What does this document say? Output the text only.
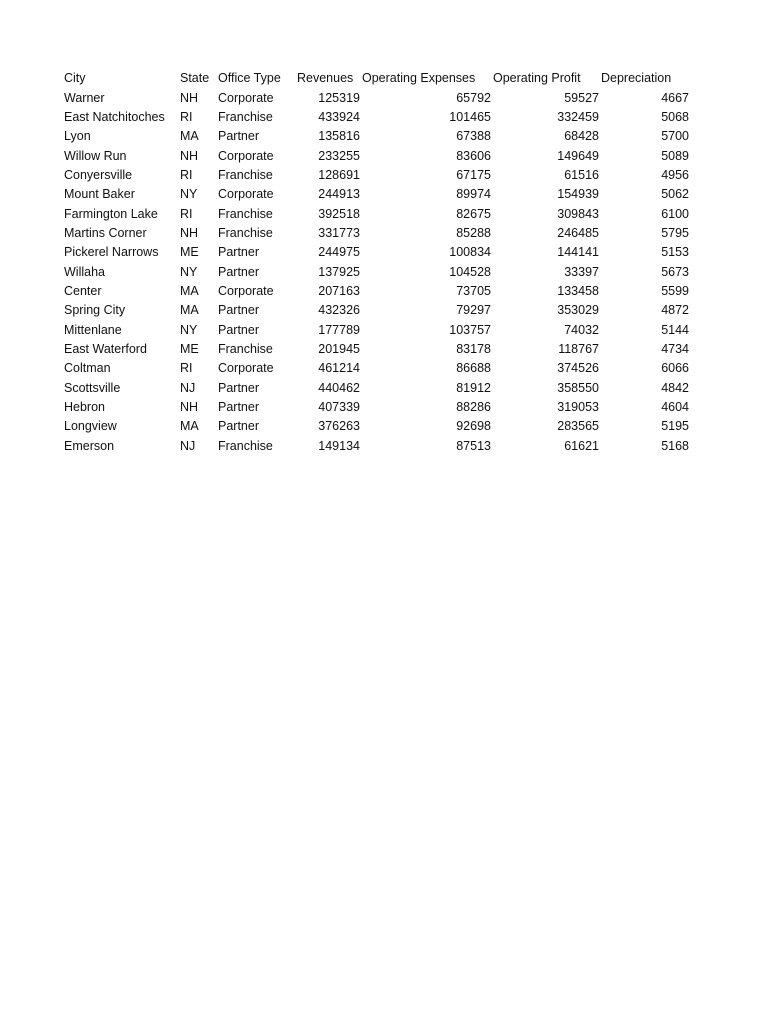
City	State	Office Type	Revenues	Operating Expenses	Operating Profit	Depreciation
Warner	NH	Corporate	125319	65792	59527	4667
East Natchitoches	RI	Franchise	433924	101465	332459	5068
Lyon	MA	Partner	135816	67388	68428	5700
Willow Run	NH	Corporate	233255	83606	149649	5089
Conyersville	RI	Franchise	128691	67175	61516	4956
Mount Baker	NY	Corporate	244913	89974	154939	5062
Farmington Lake	RI	Franchise	392518	82675	309843	6100
Martins Corner	NH	Franchise	331773	85288	246485	5795
Pickerel Narrows	ME	Partner	244975	100834	144141	5153
Willaha	NY	Partner	137925	104528	33397	5673
Center	MA	Corporate	207163	73705	133458	5599
Spring City	MA	Partner	432326	79297	353029	4872
Mittenlane	NY	Partner	177789	103757	74032	5144
East Waterford	ME	Franchise	201945	83178	118767	4734
Coltman	RI	Corporate	461214	86688	374526	6066
Scottsville	NJ	Partner	440462	81912	358550	4842
Hebron	NH	Partner	407339	88286	319053	4604
Longview	MA	Partner	376263	92698	283565	5195
Emerson	NJ	Franchise	149134	87513	61621	5168
